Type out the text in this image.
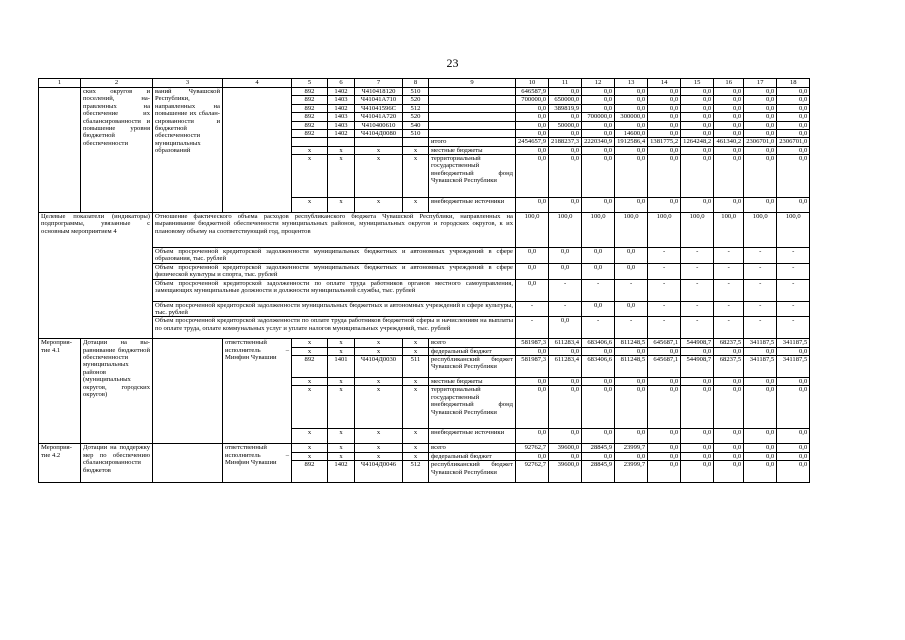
23
1	2	3	4	5	6	7	8	9	10	11	12	13	14	15	16	17	18
	ских округов и поселений, направленных на обеспечение их сбалансированности и повышение уровня бюджетной обеспеченности	ваний Чувашской Республики, направленных на повышение их сбалансированности и бюджетной обеспеченности муниципальных образований		892	1402	Ч410418120	510		646587,9	0,0	0,0	0,0	0,0	0,0	0,0	0,0	0,0
				892	1403	Ч41041А710	520		700000,0	650000,0	0,0	0,0	0,0	0,0	0,0	0,0	0,0
				892	1402	Ч41041596С	512		0,0	389819,9	0,0	0,0	0,0	0,0	0,0	0,0	0,0
				892	1403	Ч41041А720	520		0,0	0,0	700000,0	300000,0	0,0	0,0	0,0	0,0	0,0
				892	1403	Ч410400610	540		0,0	50000,0	0,0	0,0	0,0	0,0	0,0	0,0	0,0
				892	1402	Ч4104Д0080	510		0,0	0,0	0,0	14600,0	0,0	0,0	0,0	0,0	0,0
								итого	2454657,9	2188237,3	2220340,9	1912586,4	1381775,2	1264248,2	461340,2	2306701,0	2306701,0
				x	x	x	x	местные бюджеты	0,0	0,0	0,0	0,0	0,0	0,0	0,0	0,0	0,0
				x	x	x	x	территориальный государственный внебюджетный фонд Чувашской Республики	0,0	0,0	0,0	0,0	0,0	0,0	0,0	0,0	0,0
				x	x	x	x	внебюджетные источники	0,0	0,0	0,0	0,0	0,0	0,0	0,0	0,0	0,0
Целевые показатели (индикаторы) подпрограммы, увязанные с основным мероприятием 4		Отношение фактического объема расходов республиканского бюджета Чувашской Республики, направленных на выравнивание бюджетной обеспеченности муниципальных районов, муниципальных округов и городских округов, к их плановому объему на соответствующий год, процентов							100,0	100,0	100,0	100,0	100,0	100,0	100,0	100,0	100,0
		Объем просроченной кредиторской задолженности муниципальных бюджетных и автономных учреждений в сфере образования, тыс. рублей							0,0	0,0	0,0	0,0	-	-	-	-	-
		Объем просроченной кредиторской задолженности муниципальных бюджетных и автономных учреждений в сфере физической культуры и спорта, тыс. рублей							0,0	0,0	0,0	0,0	-	-	-	-	-
		Объем просроченной кредиторской задолженности по оплате труда работников органов местного самоуправления, замещающих муниципальные должности и должности муниципальной службы, тыс. рублей							0,0	-	-	-	-	-	-	-	-
		Объем просроченной кредиторской задолженности муниципальных бюджетных и автономных учреждений в сфере культуры, тыс. рублей							-	-	0,0	0,0	-	-	-	-	-
		Объем просроченной кредиторской задолженности по оплате труда работников бюджетной сферы и начислениям на выплаты по оплате труда, оплате коммунальных услуг и уплате налогов муниципальных учреждений, тыс. рублей							-	0,0	-	-	-	-	-	-	-
Мероприятие 4.1	Дотации на выравнивание бюджетной обеспеченности муниципальных районов (муниципальных округов, городских округов)		ответственный исполнитель – Минфин Чувашии	x	x	x	x	всего	581987,3	611283,4	683406,6	811248,5	645687,1	544908,7	68237,5	341187,5	341187,5
				x	x	x	x	федеральный бюджет	0,0	0,0	0,0	0,0	0,0	0,0	0,0	0,0	0,0
				892	1401	Ч4104Д0030	511	республиканский бюджет Чувашской Республики	581987,3	611283,4	683406,6	811248,5	645687,1	544908,7	68237,5	341187,5	341187,5
				x	x	x	x	местные бюджеты	0,0	0,0	0,0	0,0	0,0	0,0	0,0	0,0	0,0
				x	x	x	x	территориальный государственный внебюджетный фонд Чувашской Республики	0,0	0,0	0,0	0,0	0,0	0,0	0,0	0,0	0,0
				x	x	x	x	внебюджетные источники	0,0	0,0	0,0	0,0	0,0	0,0	0,0	0,0	0,0
Мероприятие 4.2	Дотации на поддержку мер по обеспечению сбалансированности бюджетов		ответственный исполнитель – Минфин Чувашии	x	x	x	x	всего	92762,7	39600,0	28845,9	23999,7	0,0	0,0	0,0	0,0	0,0
				x	x	x	x	федеральный бюджет	0,0	0,0	0,0	0,0	0,0	0,0	0,0	0,0	0,0
				892	1402	Ч4104Д0046	512	республиканский бюджет Чувашской Республики	92762,7	39600,0	28845,9	23999,7	0,0	0,0	0,0	0,0	0,0
